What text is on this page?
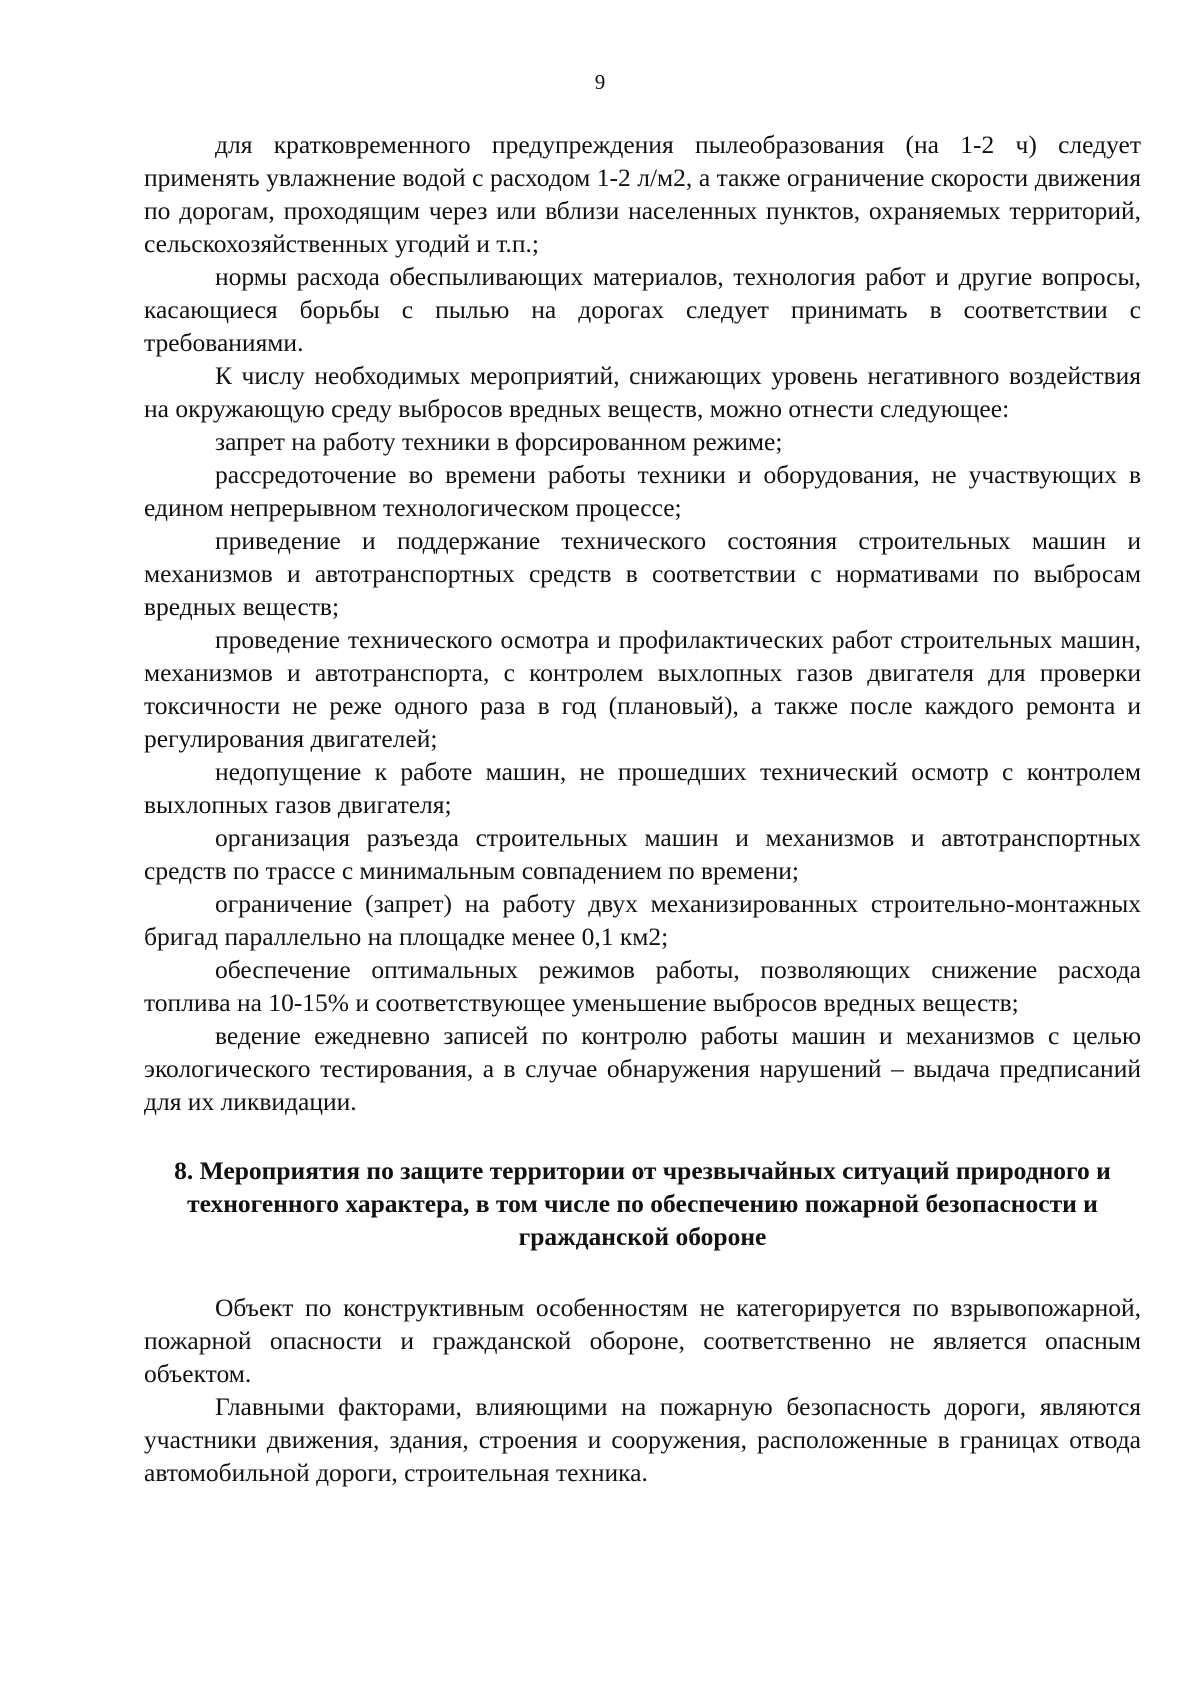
9

для кратковременного предупреждения пылеобразования (на 1-2 ч) следует применять увлажнение водой с расходом 1-2 л/м2, а также ограничение скорости движения по дорогам, проходящим через или вблизи населенных пунктов, охраняемых территорий, сельскохозяйственных угодий и т.п.;

нормы расхода обеспыливающих материалов, технология работ и другие вопросы, касающиеся борьбы с пылью на дорогах следует принимать в соответствии с требованиями.

К числу необходимых мероприятий, снижающих уровень негативного воздействия на окружающую среду выбросов вредных веществ, можно отнести следующее:

запрет на работу техники в форсированном режиме;

рассредоточение во времени работы техники и оборудования, не участвующих в едином непрерывном технологическом процессе;

приведение и поддержание технического состояния строительных машин и механизмов и автотранспортных средств в соответствии с нормативами по выбросам вредных веществ;

проведение технического осмотра и профилактических работ строительных машин, механизмов и автотранспорта, с контролем выхлопных газов двигателя для проверки токсичности не реже одного раза в год (плановый), а также после каждого ремонта и регулирования двигателей;

недопущение к работе машин, не прошедших технический осмотр с контролем выхлопных газов двигателя;

организация разъезда строительных машин и механизмов и автотранспортных средств по трассе с минимальным совпадением по времени;

ограничение (запрет) на работу двух механизированных строительно-монтажных бригад параллельно на площадке менее 0,1 км2;

обеспечение оптимальных режимов работы, позволяющих снижение расхода топлива на 10-15% и соответствующее уменьшение выбросов вредных веществ;

ведение ежедневно записей по контролю работы машин и механизмов с целью экологического тестирования, а в случае обнаружения нарушений – выдача предписаний для их ликвидации.

8. Мероприятия по защите территории от чрезвычайных ситуаций природного и техногенного характера, в том числе по обеспечению пожарной безопасности и гражданской обороне

Объект по конструктивным особенностям не категорируется по взрывопожарной, пожарной опасности и гражданской обороне, соответственно не является опасным объектом.

Главными факторами, влияющими на пожарную безопасность дороги, являются участники движения, здания, строения и сооружения, расположенные в границах отвода автомобильной дороги, строительная техника.
